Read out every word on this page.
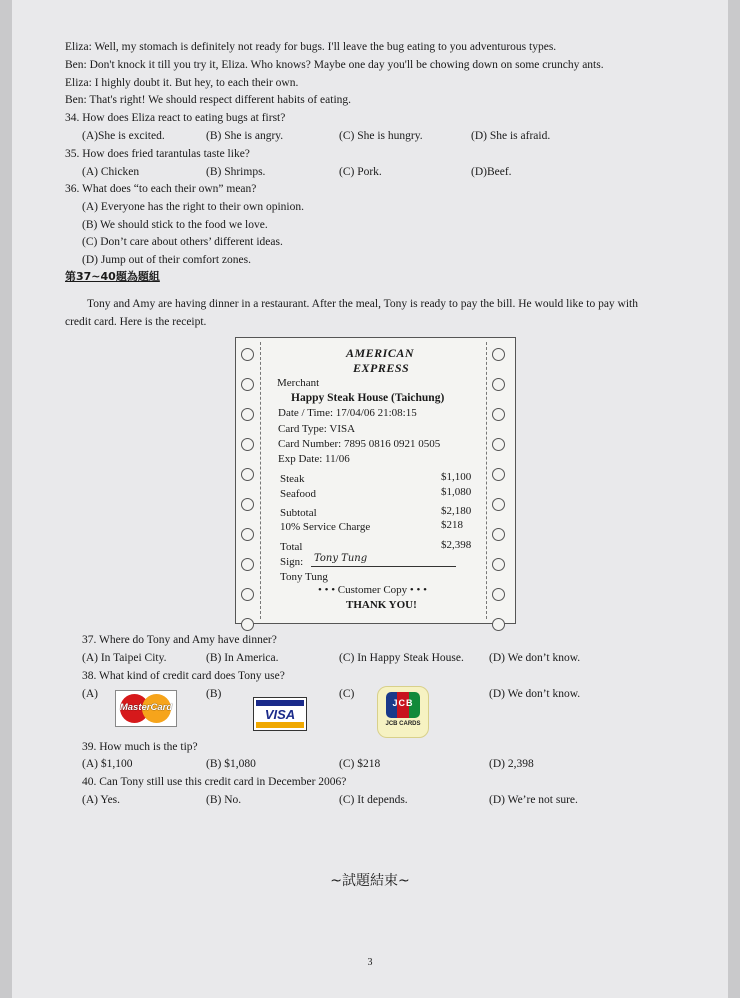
Eliza: Well, my stomach is definitely not ready for bugs. I'll leave the bug eating to you adventurous types.
Ben: Don't knock it till you try it, Eliza. Who knows? Maybe one day you'll be chowing down on some crunchy ants.
Eliza: I highly doubt it. But hey, to each their own.
Ben: That's right! We should respect different habits of eating.
34. How does Eliza react to eating bugs at first?
(A)She is excited.	(B) She is angry.	(C) She is hungry.	(D) She is afraid.
35. How does fried tarantulas taste like?
(A) Chicken	(B) Shrimps.	(C) Pork.	(D)Beef.
36. What does “to each their own” mean?
(A) Everyone has the right to their own opinion.
(B) We should stick to the food we love.
(C) Don’t care about others’ different ideas.
(D) Jump out of their comfort zones.
第37~40題為題組
Tony and Amy are having dinner in a restaurant. After the meal, Tony is ready to pay the bill. He would like to pay with
credit card. Here is the receipt.
AMERICAN
EXPRESS
Merchant
Happy Steak House (Taichung)
Date / Time: 17/04/06 21:08:15
Card Type: VISA
Card Number: 7895 0816 0921 0505
Exp Date: 11/06
Steak	$1,100
Seafood	$1,080
Subtotal	$2,180
10% Service Charge	$218
Total	$2,398
Sign: Tony Tung
Tony Tung
• • • Customer Copy • • •
THANK YOU!
37. Where do Tony and Amy have dinner?
(A) In Taipei City.	(B) In America.	(C) In Happy Steak House. (D) We don’t know.
38. What kind of credit card does Tony use?
(A)	(B)	(C)	(D) We don’t know.
MasterCard	VISA
JCB
JCB CARDS
39. How much is the tip?
(A) $1,100	(B) $1,080	(C) $218	(D) 2,398
40. Can Tony still use this credit card in December 2006?
(A) Yes.	(B) No.	(C) It depends.	(D) We’re not sure.
~試題結束~
3
